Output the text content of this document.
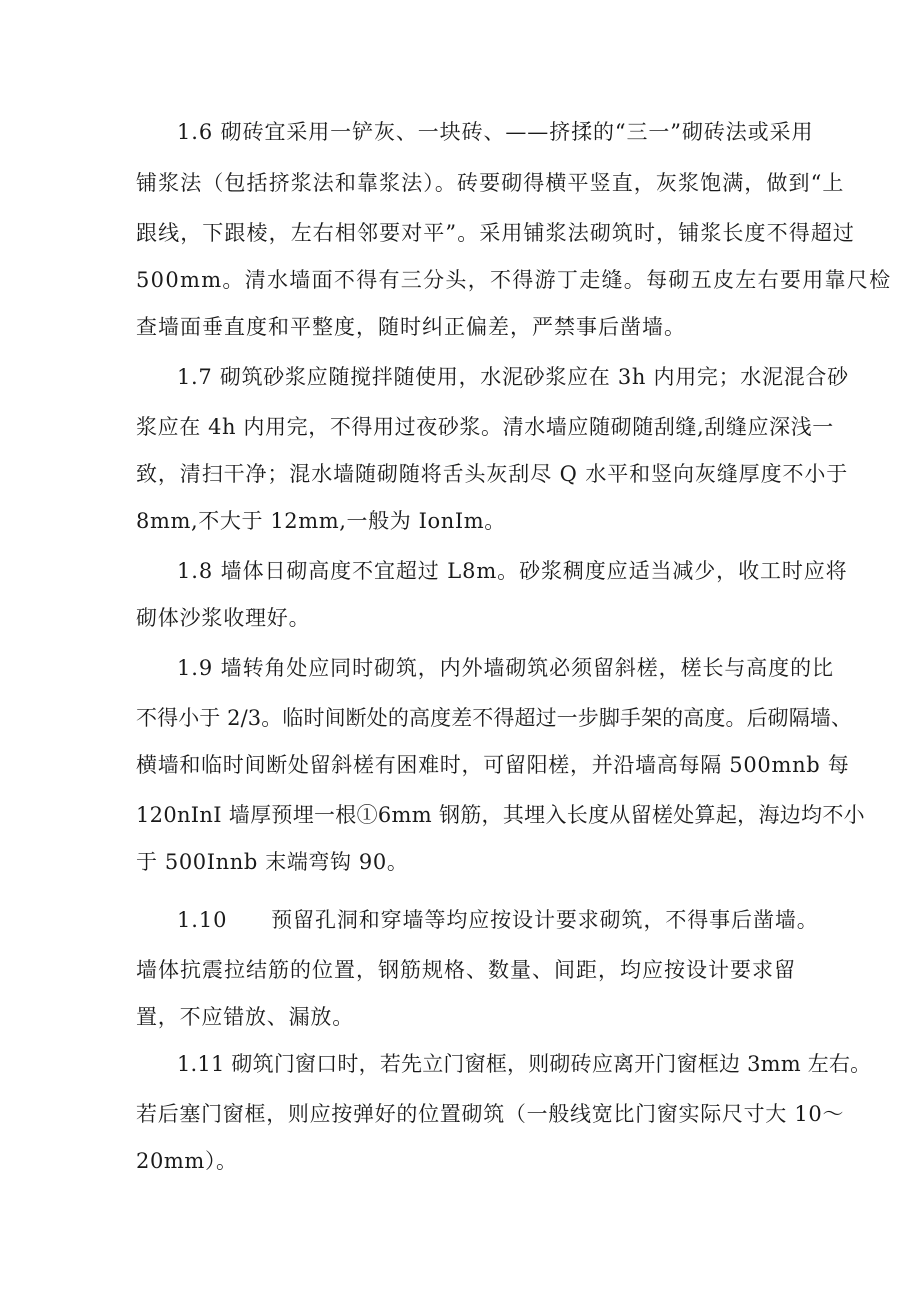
1.6 砌砖宜采用一铲灰、一块砖、——挤揉的“三一”砌砖法或采用
铺浆法（包括挤浆法和靠浆法）。砖要砌得横平竖直，灰浆饱满，做到“上
跟线，下跟棱，左右相邻要对平”。采用铺浆法砌筑时，铺浆长度不得超过
500mm。清水墙面不得有三分头，不得游丁走缝。每砌五皮左右要用靠尺检
查墙面垂直度和平整度，随时纠正偏差，严禁事后凿墙。
1.7 砌筑砂浆应随搅拌随使用，水泥砂浆应在 3h 内用完；水泥混合砂
浆应在 4h 内用完，不得用过夜砂浆。清水墙应随砌随刮缝,刮缝应深浅一
致，清扫干净；混水墙随砌随将舌头灰刮尽 Q 水平和竖向灰缝厚度不小于
8mm,不大于 12mm,一般为 IonIm。
1.8 墙体日砌高度不宜超过 L8m。砂浆稠度应适当减少，收工时应将
砌体沙浆收理好。
1.9 墙转角处应同时砌筑，内外墙砌筑必须留斜槎，槎长与高度的比
不得小于 2/3。临时间断处的高度差不得超过一步脚手架的高度。后砌隔墙、
横墙和临时间断处留斜槎有困难时，可留阳槎，并沿墙高每隔 500mnb 每
120nInI 墙厚预埋一根①6mm 钢筋，其埋入长度从留槎处算起，海边均不小
于 500Innb 末端弯钩 90。
1.10　　预留孔洞和穿墙等均应按设计要求砌筑，不得事后凿墙。
墙体抗震拉结筋的位置，钢筋规格、数量、间距，均应按设计要求留
置，不应错放、漏放。
1.11 砌筑门窗口时，若先立门窗框，则砌砖应离开门窗框边 3mm 左右。
若后塞门窗框，则应按弹好的位置砌筑（一般线宽比门窗实际尺寸大 10～
20mm）。
